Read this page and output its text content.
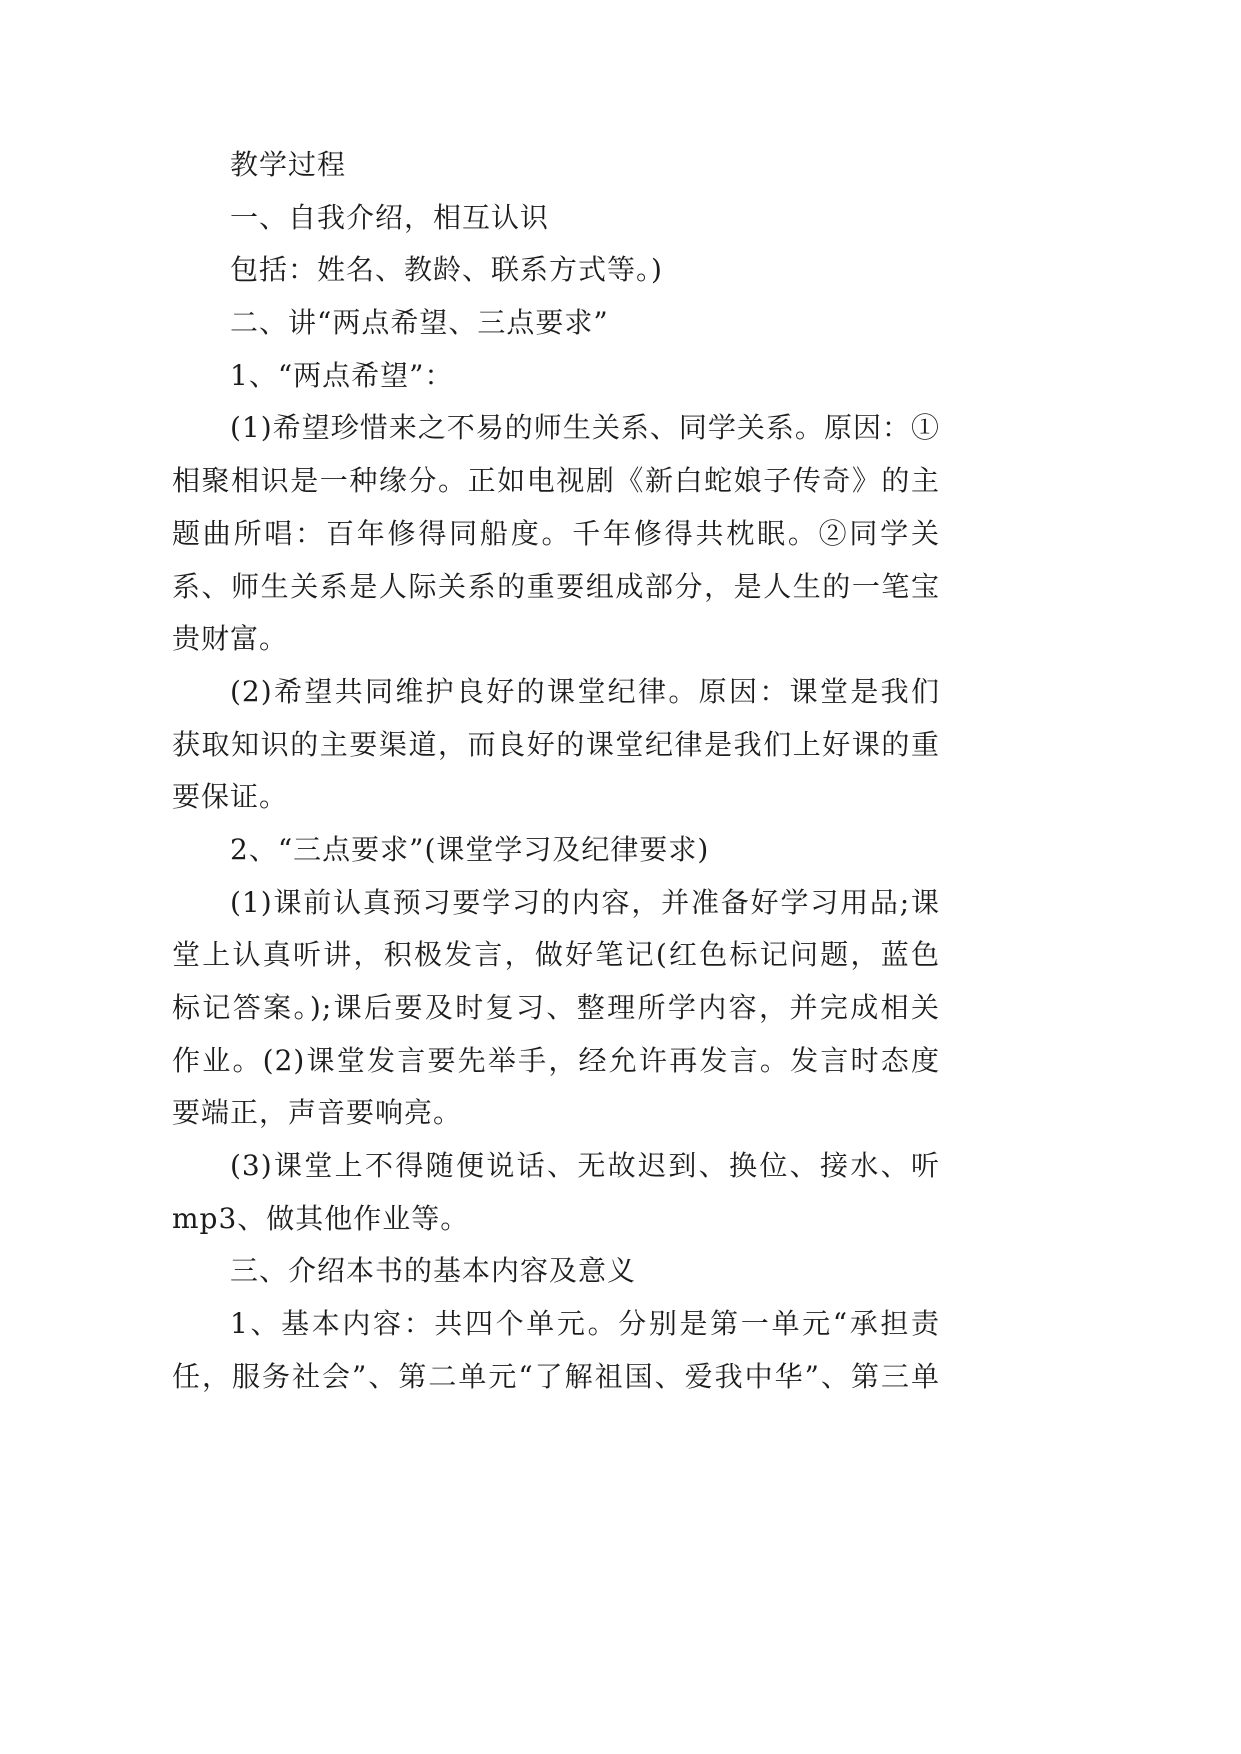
教学过程
一、自我介绍，相互认识
包括：姓名、教龄、联系方式等。)
二、讲“两点希望、三点要求”
1、“两点希望”：
(1)希望珍惜来之不易的师生关系、同学关系。原因：①
相聚相识是一种缘分。正如电视剧《新白蛇娘子传奇》的主
题曲所唱：百年修得同船度。千年修得共枕眠。②同学关
系、师生关系是人际关系的重要组成部分，是人生的一笔宝
贵财富。
(2)希望共同维护良好的课堂纪律。原因：课堂是我们
获取知识的主要渠道，而良好的课堂纪律是我们上好课的重
要保证。
2、“三点要求”(课堂学习及纪律要求)
(1)课前认真预习要学习的内容，并准备好学习用品;课
堂上认真听讲，积极发言，做好笔记(红色标记问题，蓝色
标记答案。);课后要及时复习、整理所学内容，并完成相关
作业。(2)课堂发言要先举手，经允许再发言。发言时态度
要端正，声音要响亮。
(3)课堂上不得随便说话、无故迟到、换位、接水、听
mp3、做其他作业等。
三、介绍本书的基本内容及意义
1、基本内容：共四个单元。分别是第一单元“承担责
任，服务社会”、第二单元“了解祖国、爱我中华”、第三单
